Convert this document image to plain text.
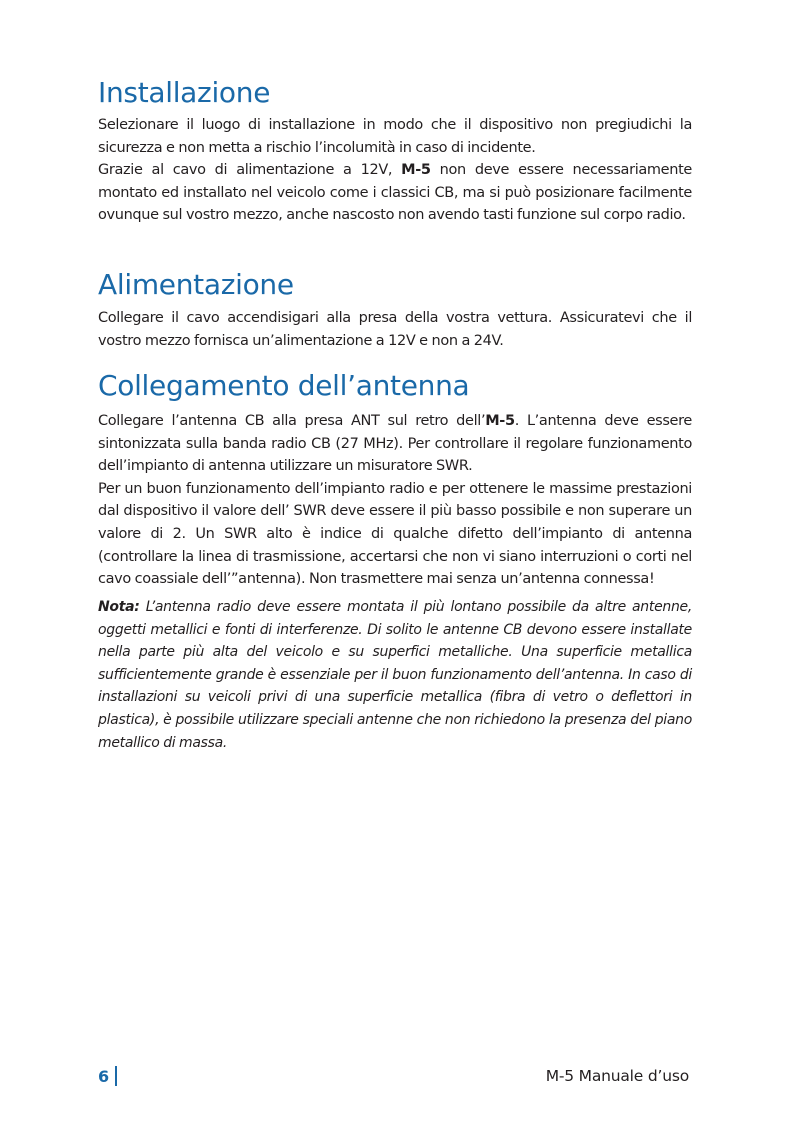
Installazione

Selezionare il luogo di installazione in modo che il dispositivo non pregiudichi la sicurezza e non metta a rischio l’incolumità in caso di incidente.

Grazie al cavo di alimentazione a 12V, M-5 non deve essere necessariamente montato ed installato nel veicolo come i classici CB, ma si può posizionare facilmente ovunque sul vostro mezzo, anche nascosto non avendo tasti funzione sul corpo radio.

Alimentazione

Collegare il cavo accendisigari alla presa della vostra vettura. Assicuratevi che il vostro mezzo fornisca un’alimentazione a 12V e non a 24V.

Collegamento dell’antenna

Collegare l’antenna CB alla presa ANT sul retro dell’M-5. L’antenna deve essere sintonizzata sulla banda radio CB (27 MHz). Per controllare il regolare funzionamento dell’impianto di antenna utilizzare un misuratore SWR.

Per un buon funzionamento dell’impianto radio e per ottenere le massime prestazioni dal dispositivo il valore dell’ SWR deve essere il più basso possibile e non superare un valore di 2. Un SWR alto è indice di qualche difetto dell’impianto di antenna (controllare la linea di trasmissione, accertarsi che non vi siano interruzioni o corti nel cavo coassiale dell’”antenna). Non trasmettere mai senza un’antenna connessa!

Nota: L’antenna radio deve essere montata il più lontano possibile da altre antenne, oggetti metallici e fonti di interferenze. Di solito le antenne CB devono essere installate nella parte più alta del veicolo e su superfici metalliche. Una superficie metallica sufficientemente grande è essenziale per il buon funzionamento dell’antenna. In caso di installazioni su veicoli privi di una superficie metallica (fibra di vetro o deflettori in plastica), è possibile utilizzare speciali antenne che non richiedono la presenza del piano metallico di massa.

6	M-5 Manuale d’uso
